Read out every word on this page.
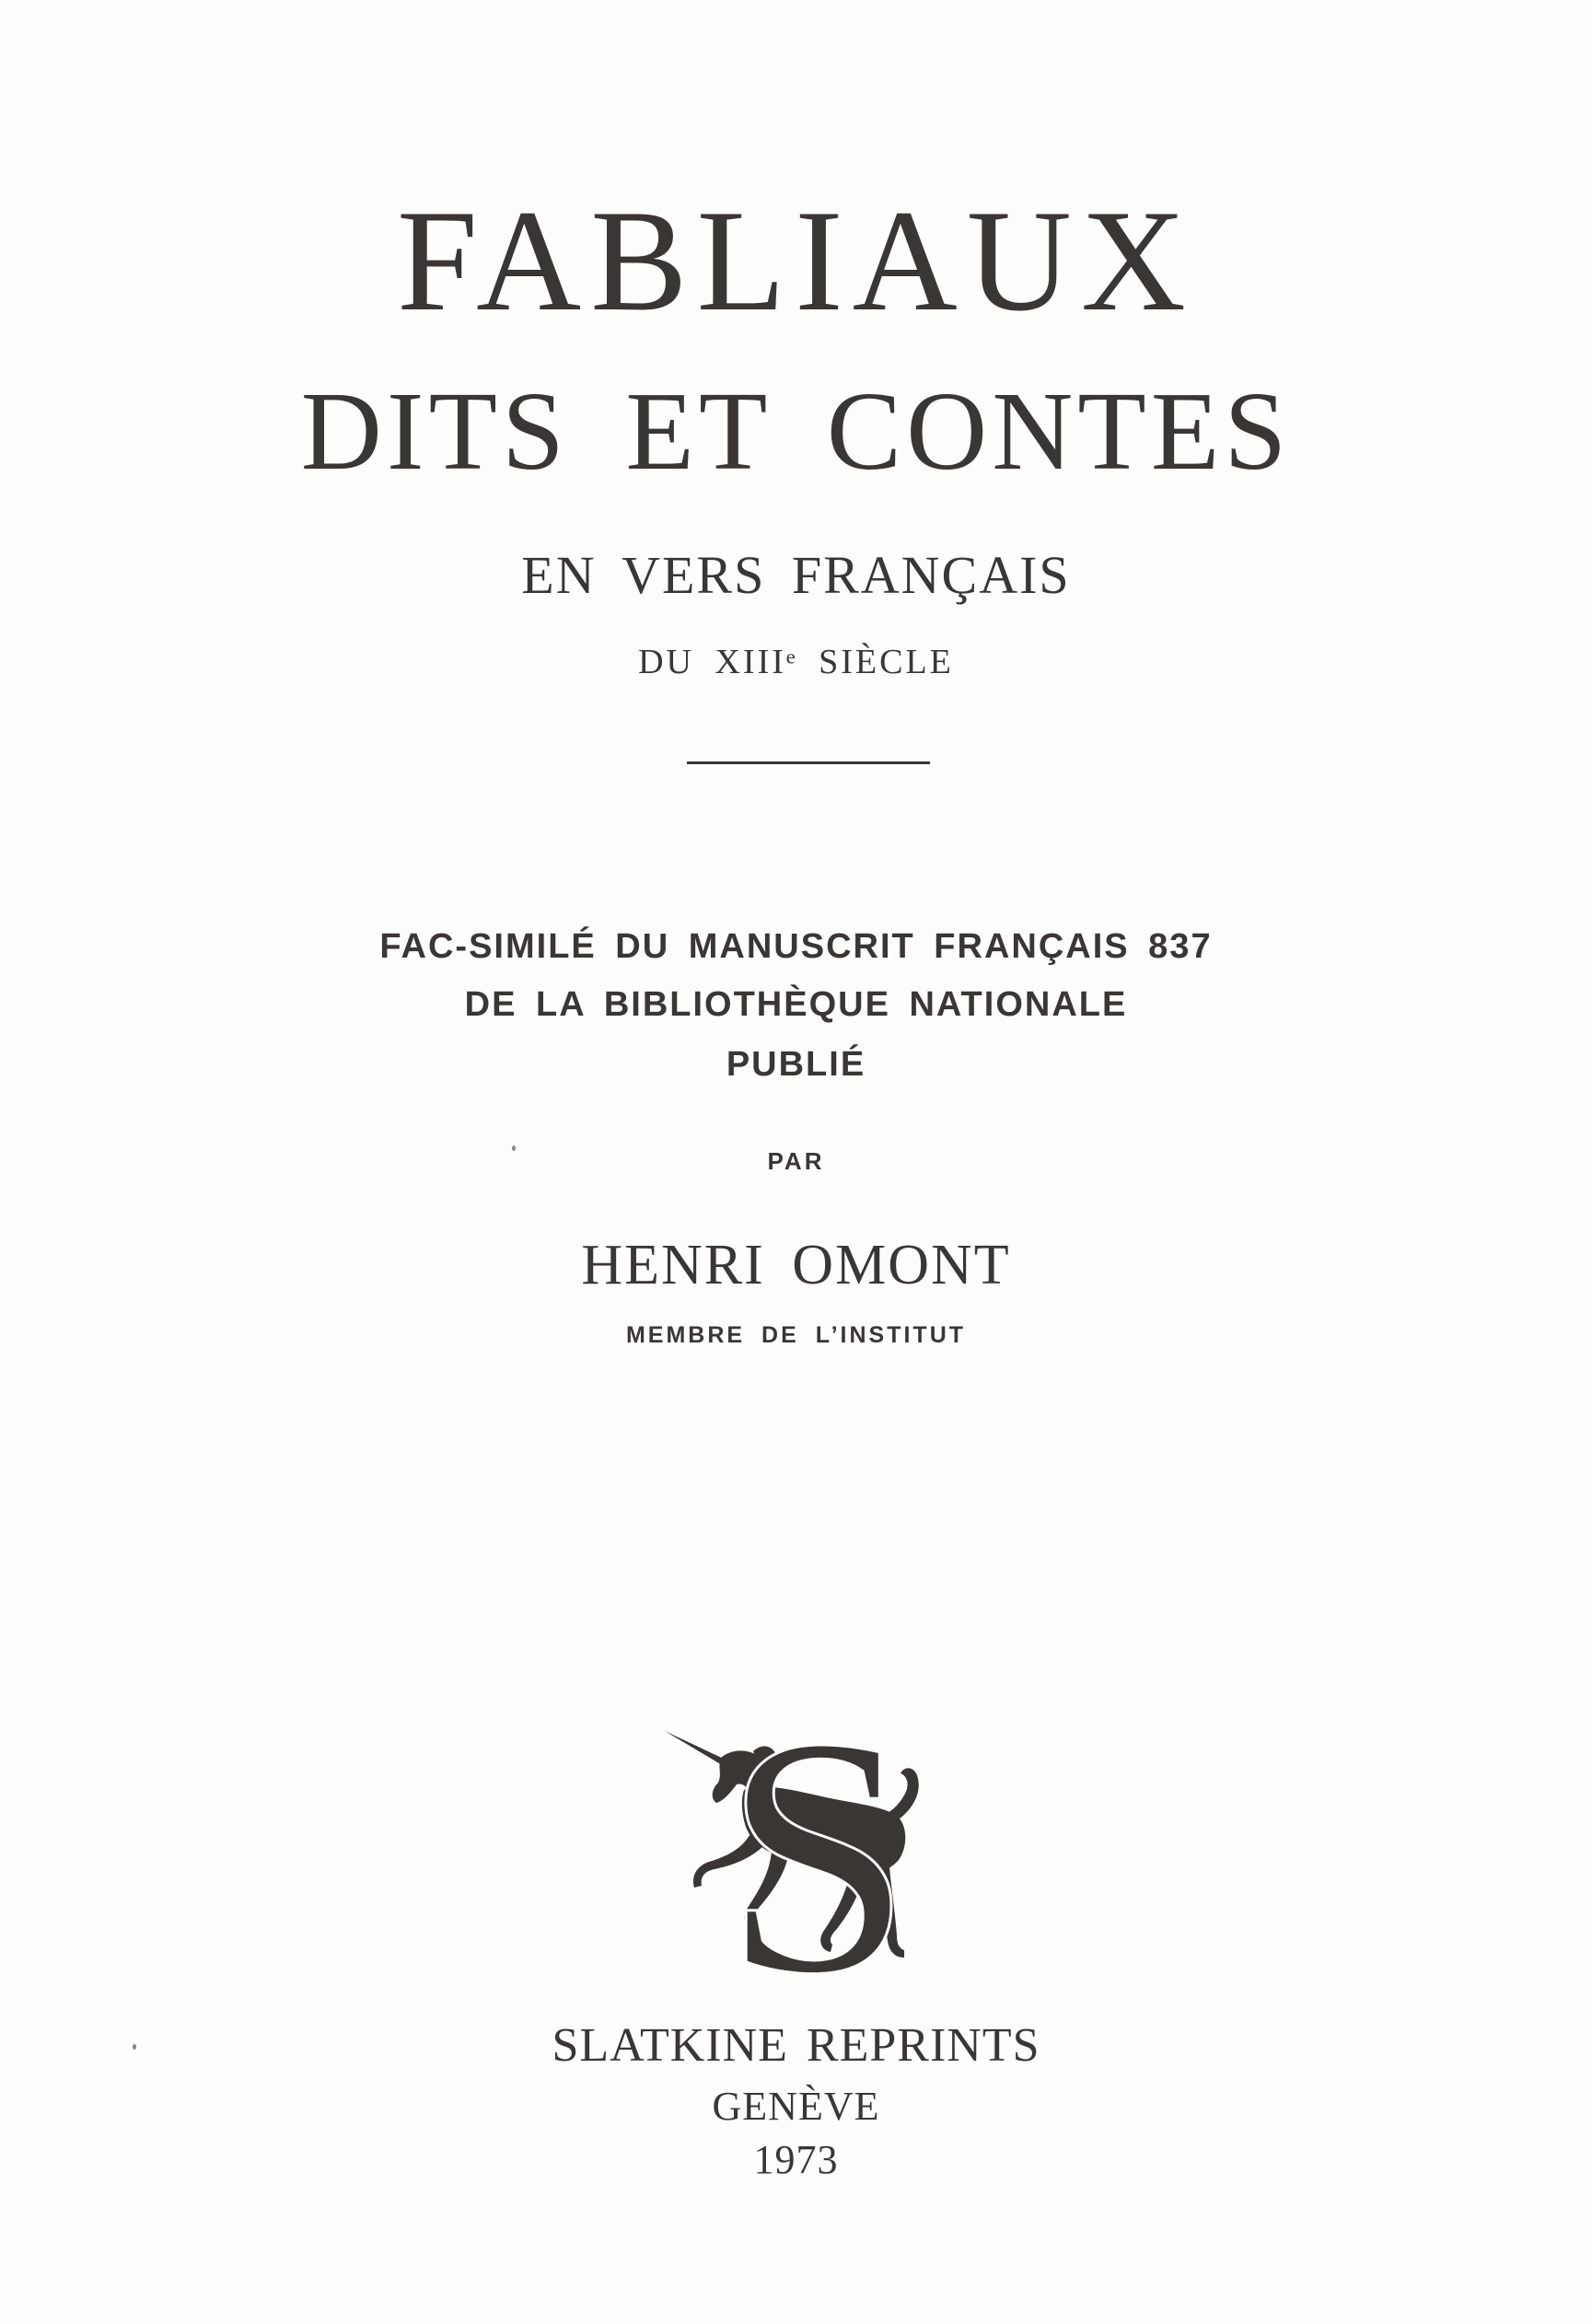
FABLIAUX
DITS ET CONTES
EN VERS FRANÇAIS
DU XIIIᵉ SIÈCLE
FAC-SIMILÉ DU MANUSCRIT FRANÇAIS 837
DE LA BIBLIOTHÈQUE NATIONALE
PUBLIÉ
PAR
HENRI OMONT
MEMBRE DE L’INSTITUT
S
SLATKINE REPRINTS
GENÈVE
1973
